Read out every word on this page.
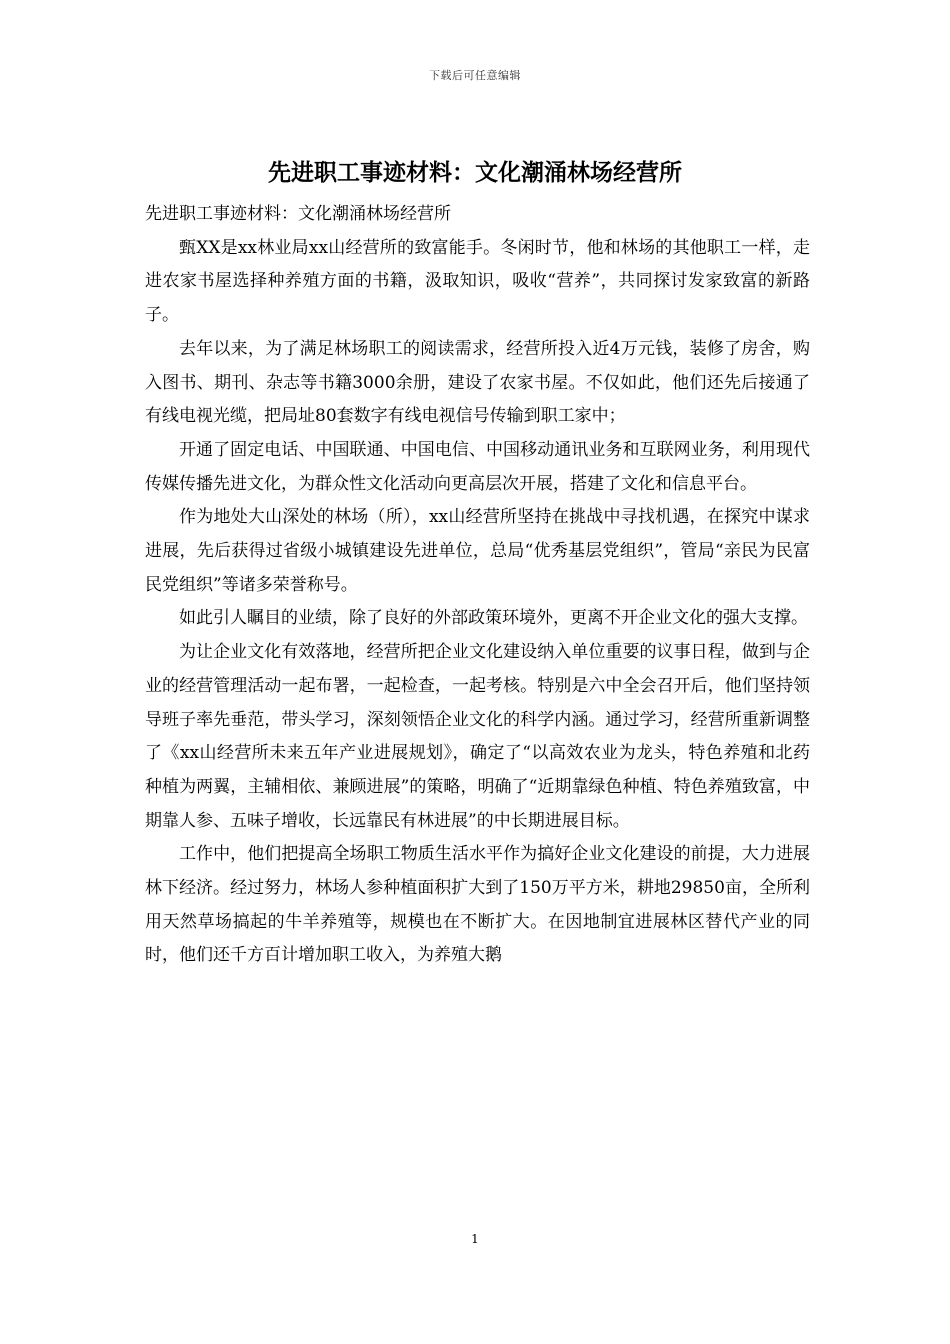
下载后可任意编辑
先进职工事迹材料：文化潮涌林场经营所

先进职工事迹材料：文化潮涌林场经营所

甄XX是xx林业局xx山经营所的致富能手。冬闲时节，他和林场的其他职工一样，走进农家书屋选择种养殖方面的书籍，汲取知识，吸收“营养”，共同探讨发家致富的新路子。

去年以来，为了满足林场职工的阅读需求，经营所投入近4万元钱，装修了房舍，购入图书、期刊、杂志等书籍3000余册，建设了农家书屋。不仅如此，他们还先后接通了有线电视光缆，把局址80套数字有线电视信号传输到职工家中；

开通了固定电话、中国联通、中国电信、中国移动通讯业务和互联网业务，利用现代传媒传播先进文化，为群众性文化活动向更高层次开展，搭建了文化和信息平台。

作为地处大山深处的林场（所），xx山经营所坚持在挑战中寻找机遇，在探究中谋求进展，先后获得过省级小城镇建设先进单位，总局“优秀基层党组织”，管局“亲民为民富民党组织”等诸多荣誉称号。

如此引人瞩目的业绩，除了良好的外部政策环境外，更离不开企业文化的强大支撑。

为让企业文化有效落地，经营所把企业文化建设纳入单位重要的议事日程，做到与企业的经营管理活动一起布署，一起检查，一起考核。特别是六中全会召开后，他们坚持领导班子率先垂范，带头学习，深刻领悟企业文化的科学内涵。通过学习，经营所重新调整了《xx山经营所未来五年产业进展规划》，确定了“以高效农业为龙头，特色养殖和北药种植为两翼，主辅相依、兼顾进展”的策略，明确了“近期靠绿色种植、特色养殖致富，中期靠人参、五味子增收，长远靠民有林进展”的中长期进展目标。

工作中，他们把提高全场职工物质生活水平作为搞好企业文化建设的前提，大力进展林下经济。经过努力，林场人参种植面积扩大到了150万平方米，耕地29850亩，全所利用天然草场搞起的牛羊养殖等，规模也在不断扩大。在因地制宜进展林区替代产业的同时，他们还千方百计增加职工收入，为养殖大鹅

1
